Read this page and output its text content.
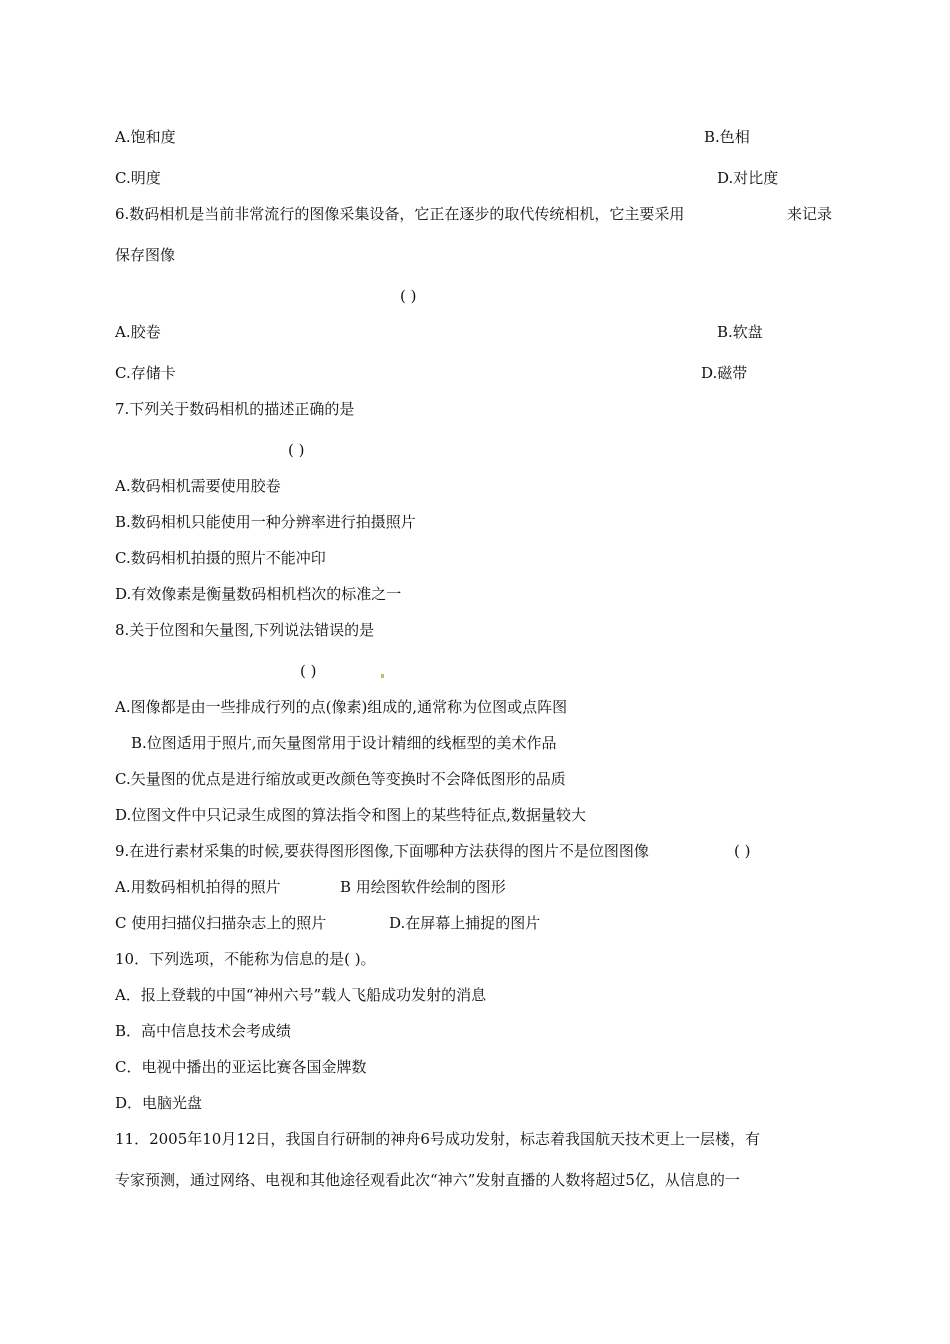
A.饱和度	B.色相
C.明度	D.对比度
6.数码相机是当前非常流行的图像采集设备，它正在逐步的取代传统相机，它主要采用	来记录
保存图像
( )
A.胶卷	B.软盘
C.存储卡	D.磁带
7.下列关于数码相机的描述正确的是
( )
A.数码相机需要使用胶卷
B.数码相机只能使用一种分辨率进行拍摄照片
C.数码相机拍摄的照片不能冲印
D.有效像素是衡量数码相机档次的标准之一
8.关于位图和矢量图,下列说法错误的是
( )
A.图像都是由一些排成行列的点(像素)组成的,通常称为位图或点阵图
B.位图适用于照片,而矢量图常用于设计精细的线框型的美术作品
C.矢量图的优点是进行缩放或更改颜色等变换时不会降低图形的品质
D.位图文件中只记录生成图的算法指令和图上的某些特征点,数据量较大
9.在进行素材采集的时候,要获得图形图像,下面哪种方法获得的图片不是位图图像	( )
A.用数码相机拍得的照片	B 用绘图软件绘制的图形
C 使用扫描仪扫描杂志上的照片	D.在屏幕上捕捉的图片
10．下列选项，不能称为信息的是( )。
A．报上登载的中国“神州六号”载人飞船成功发射的消息
B．高中信息技术会考成绩
C．电视中播出的亚运比赛各国金牌数
D．电脑光盘
11．2005年10月12日，我国自行研制的神舟6号成功发射，标志着我国航天技术更上一层楼，有
专家预测，通过网络、电视和其他途径观看此次“神六”发射直播的人数将超过5亿，从信息的一
